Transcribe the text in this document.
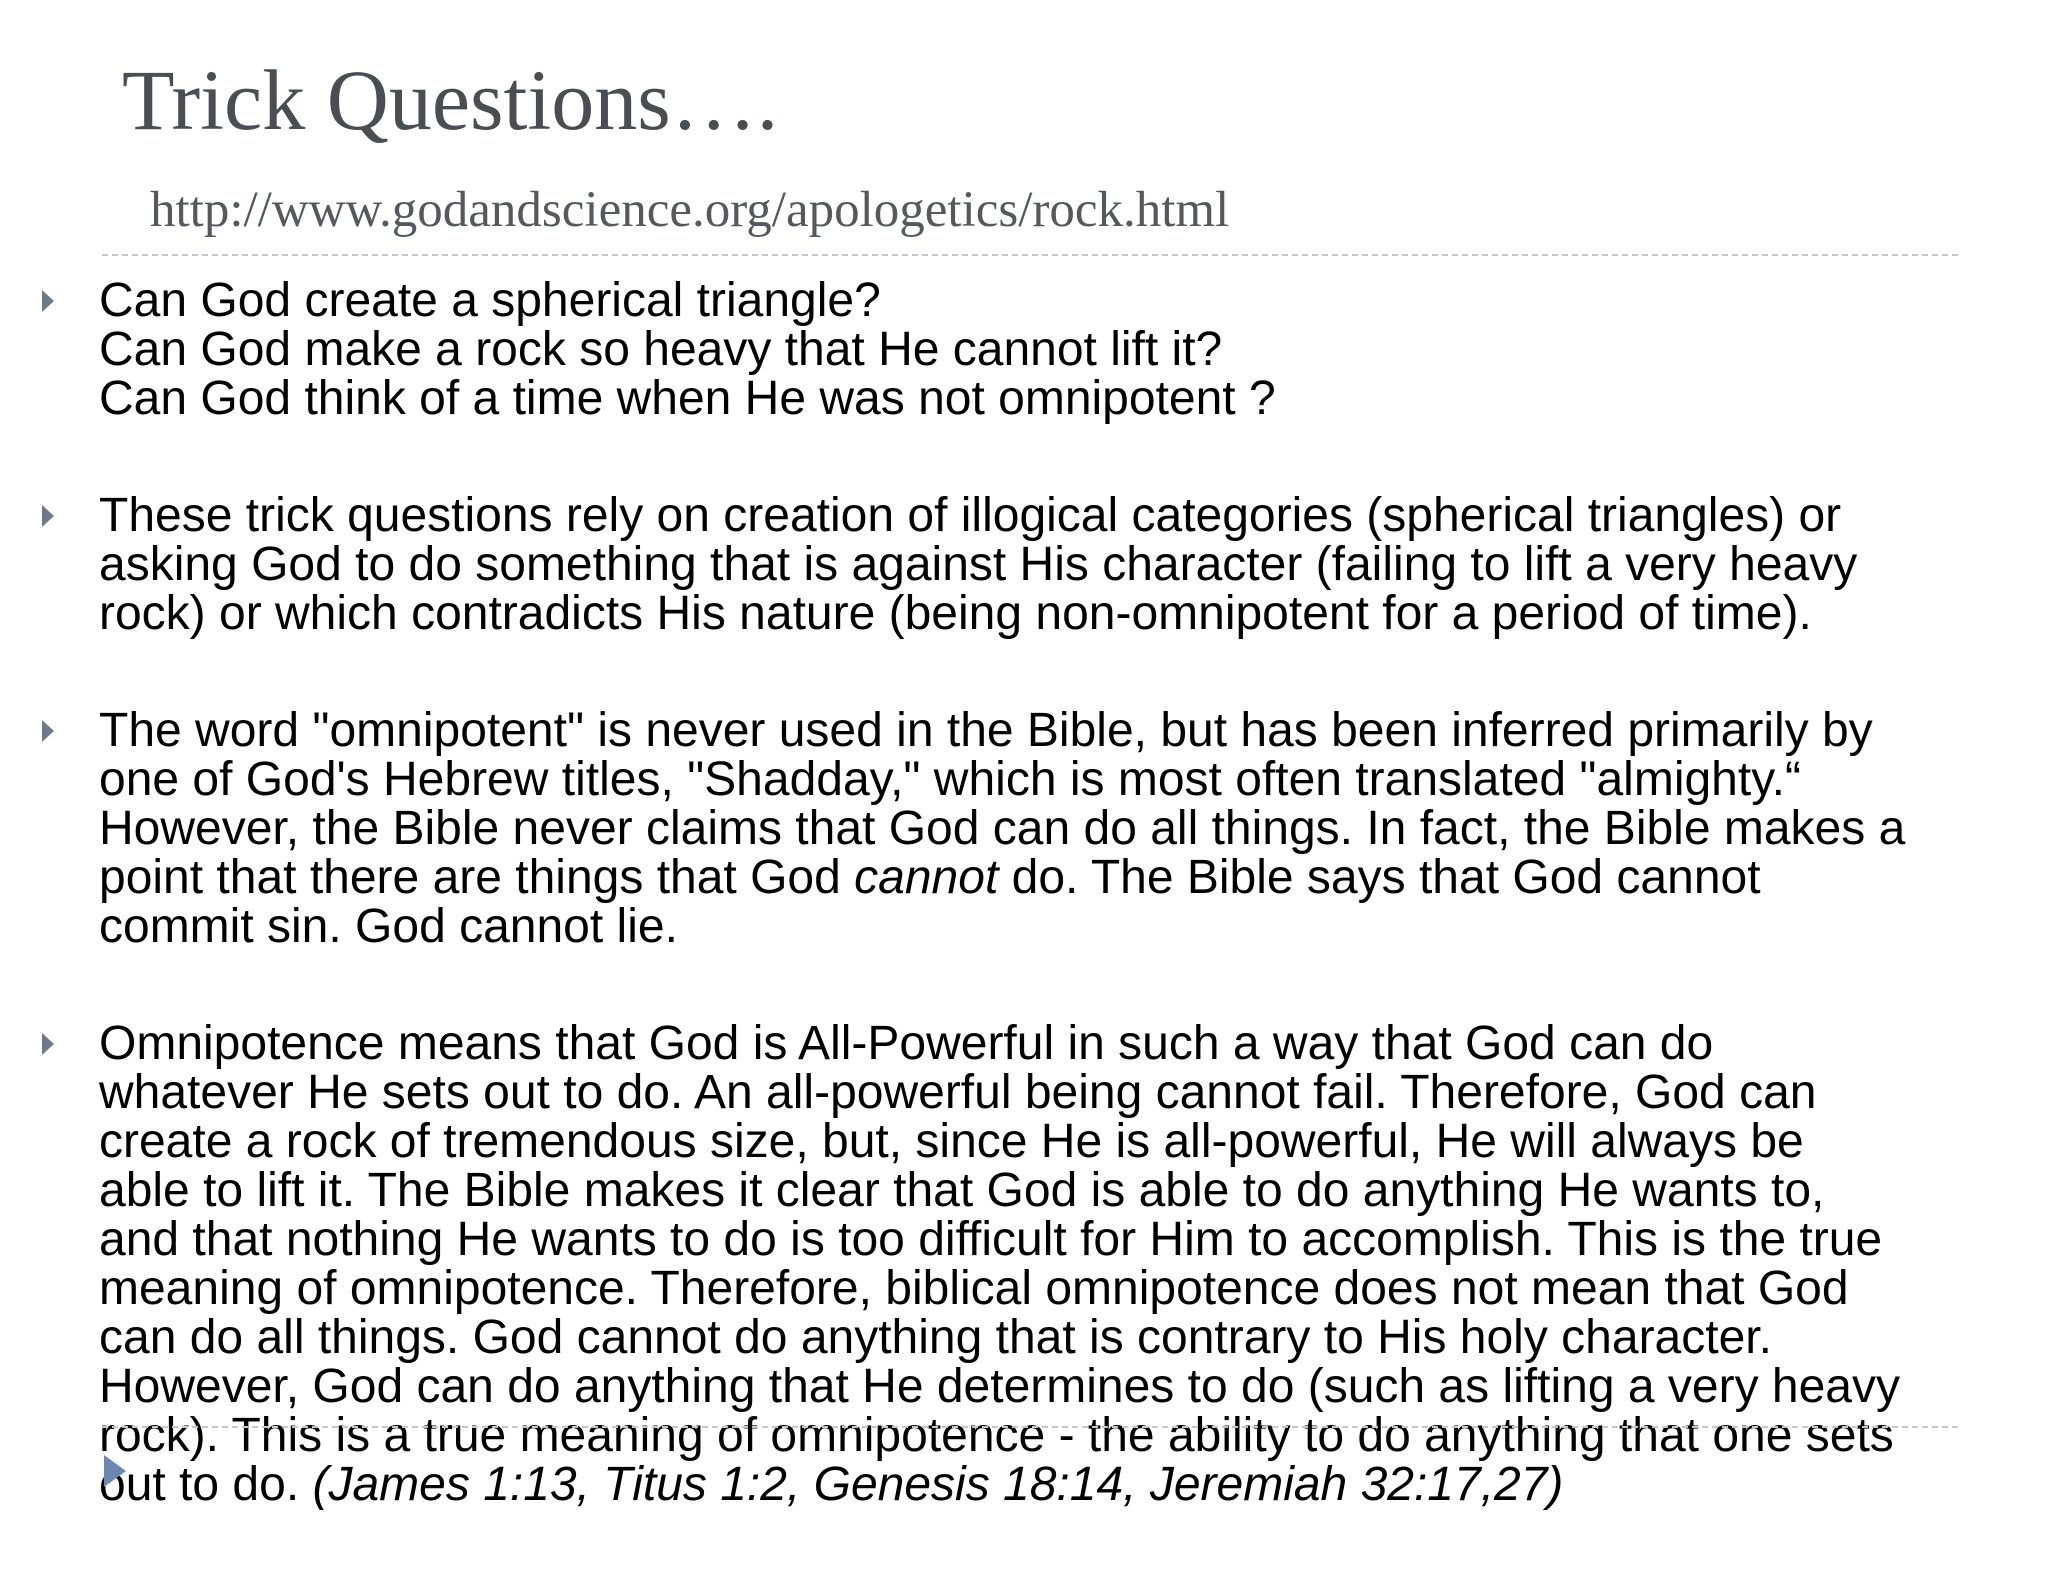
Trick Questions….
http://www.godandscience.org/apologetics/rock.html
Can God create a spherical triangle?
Can God make a rock so heavy that He cannot lift it?
Can God think of a time when He was not omnipotent ?
These trick questions rely on creation of illogical categories (spherical triangles) or
asking God to do something that is against His character (failing to lift a very heavy
rock) or which contradicts His nature (being non-omnipotent for a period of time).
The word "omnipotent" is never used in the Bible, but has been inferred primarily by
one of God's Hebrew titles, "Shadday," which is most often translated "almighty.“
However, the Bible never claims that God can do all things. In fact, the Bible makes a
point that there are things that God cannot do. The Bible says that God cannot
commit sin. God cannot lie.
Omnipotence means that God is All-Powerful in such a way that God can do
whatever He sets out to do. An all-powerful being cannot fail. Therefore, God can
create a rock of tremendous size, but, since He is all-powerful, He will always be
able to lift it. The Bible makes it clear that God is able to do anything He wants to,
and that nothing He wants to do is too difficult for Him to accomplish. This is the true
meaning of omnipotence. Therefore, biblical omnipotence does not mean that God
can do all things. God cannot do anything that is contrary to His holy character.
However, God can do anything that He determines to do (such as lifting a very heavy
rock). This is a true meaning of omnipotence - the ability to do anything that one sets
out to do. (James 1:13, Titus 1:2, Genesis 18:14, Jeremiah 32:17,27)
